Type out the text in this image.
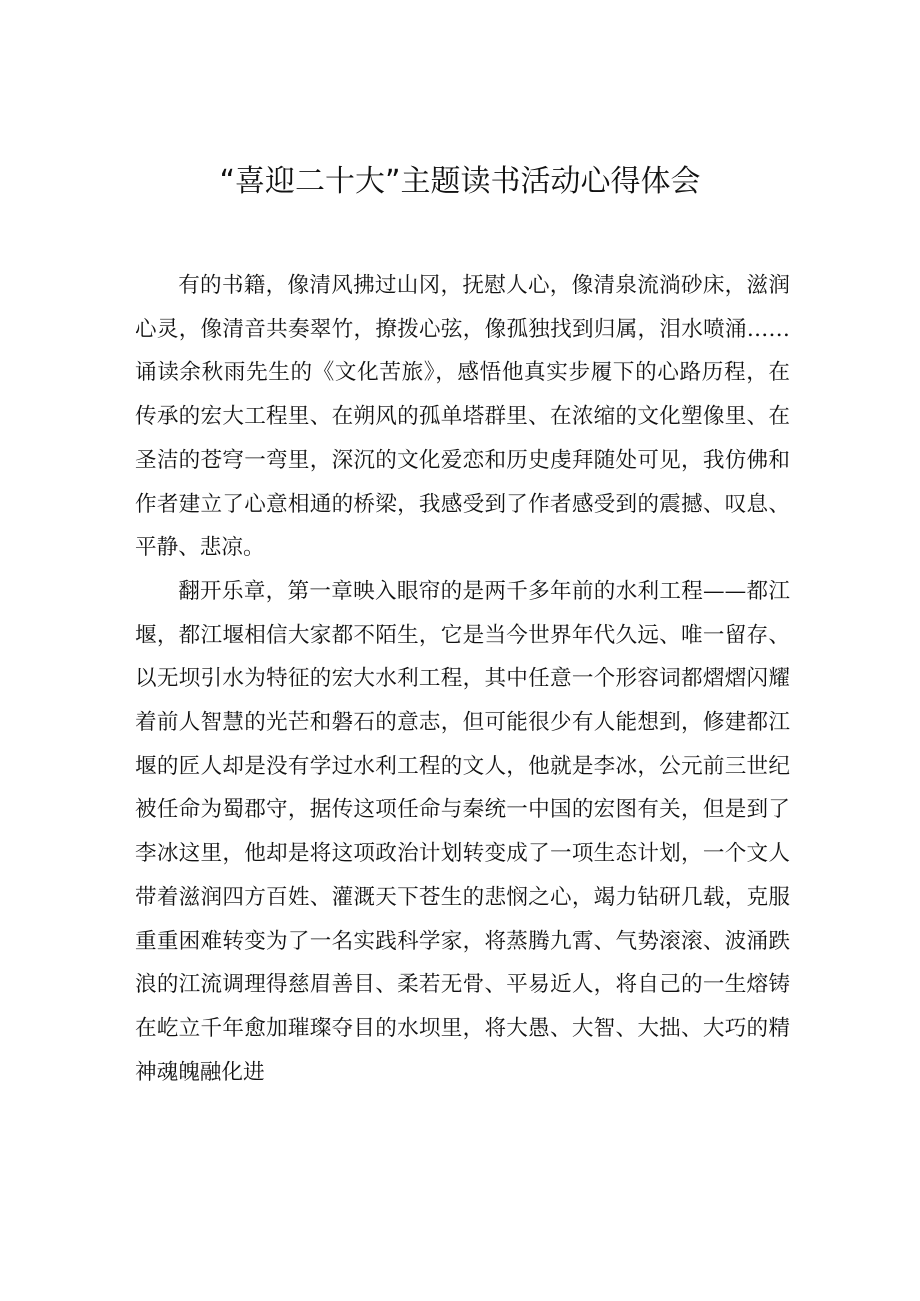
“喜迎二十大”主题读书活动心得体会

有的书籍，像清风拂过山冈，抚慰人心，像清泉流淌砂床，滋润心灵，像清音共奏翠竹，撩拨心弦，像孤独找到归属，泪水喷涌……诵读余秋雨先生的《文化苦旅》，感悟他真实步履下的心路历程，在传承的宏大工程里、在朔风的孤单塔群里、在浓缩的文化塑像里、在圣洁的苍穹一弯里，深沉的文化爱恋和历史虔拜随处可见，我仿佛和作者建立了心意相通的桥梁，我感受到了作者感受到的震撼、叹息、平静、悲凉。

翻开乐章，第一章映入眼帘的是两千多年前的水利工程——都江堰，都江堰相信大家都不陌生，它是当今世界年代久远、唯一留存、以无坝引水为特征的宏大水利工程，其中任意一个形容词都熠熠闪耀着前人智慧的光芒和磐石的意志，但可能很少有人能想到，修建都江堰的匠人却是没有学过水利工程的文人，他就是李冰，公元前三世纪被任命为蜀郡守，据传这项任命与秦统一中国的宏图有关，但是到了李冰这里，他却是将这项政治计划转变成了一项生态计划，一个文人带着滋润四方百姓、灌溉天下苍生的悲悯之心，竭力钻研几载，克服重重困难转变为了一名实践科学家，将蒸腾九霄、气势滚滚、波涌跌浪的江流调理得慈眉善目、柔若无骨、平易近人，将自己的一生熔铸在屹立千年愈加璀璨夺目的水坝里，将大愚、大智、大拙、大巧的精神魂魄融化进
